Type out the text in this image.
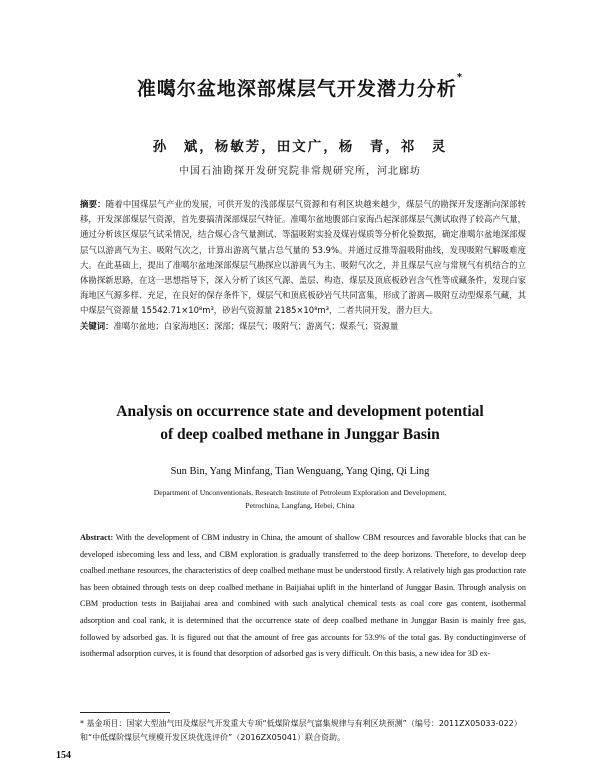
准噶尔盆地深部煤层气开发潜力分析*
孙　斌，杨敏芳，田文广，杨　青，祁　灵
中国石油勘探开发研究院非常规研究所，河北廊坊
摘要：随着中国煤层气产业的发展，可供开发的浅部煤层气资源和有利区块越来越少，煤层气的勘探开发逐渐向深部转移，开发深部煤层气资源，首先要搞清深部煤层气特征。准噶尔盆地腹部白家海凸起深部煤层气测试取得了较高产气量，通过分析该区煤层气试采情况，结合煤心含气量测试、等温吸附实验及煤岩煤质等分析化验数据，确定准噶尔盆地深部煤层气以游离气为主、吸附气次之，计算出游离气量占总气量的 53.9%。并通过反推等温吸附曲线，发现吸附气解吸难度大。在此基础上，提出了准噶尔盆地深部煤层气勘探应以游离气为主、吸附气次之，并且煤层气应与常规气有机结合的立体勘探新思路，在这一思想指导下，深入分析了该区气源、盖层、构造、煤层及顶底板砂岩含气性等成藏条件，发现白家海地区气源多样、充足，在良好的保存条件下，煤层气和顶底板砂岩气共同富集，形成了游离—吸附互动型煤系气藏，其中煤层气资源量 15542.71×10⁸m³，砂岩气资源量 2185×10⁸m³，二者共同开发，潜力巨大。
关键词：准噶尔盆地；白家海地区；深部；煤层气；吸附气；游离气；煤系气；资源量
Analysis on occurrence state and development potential
of deep coalbed methane in Junggar Basin
Sun Bin, Yang Minfang, Tian Wenguang, Yang Qing, Qi Ling
Department of Unconventionals, Research Institute of Petroleum Exploration and Development,
Petrochina, Langfang, Hebei, China
Abstract: With the development of CBM industry in China, the amount of shallow CBM resources and favorable blocks that can be developed isbecoming less and less, and CBM exploration is gradually transferred to the deep horizons. Therefore, to develop deep coalbed methane resources, the characteristics of deep coalbed methane must be understood firstly. A relatively high gas production rate has been obtained through tests on deep coalbed methane in Baijiahai uplift in the hinterland of Junggar Basin. Through analysis on CBM production tests in Baijiahai area and combined with such analytical chemical tests as coal core gas content, isothermal adsorption and coal rank, it is determined that the occurrence state of deep coalbed methane in Junggar Basin is mainly free gas, followed by adsorbed gas. It is figured out that the amount of free gas accounts for 53.9% of the total gas. By conductinginverse of isothermal adsorption curves, it is found that desorption of adsorbed gas is very difficult. On this basis, a new idea for 3D ex-
* 基金项目：国家大型油气田及煤层气开发重大专项“低煤阶煤层气富集规律与有利区块预测”（编号：2011ZX05033-022）和“中低煤阶煤层气规模开发区块优选评价”（2016ZX05041）联合资助。
154
